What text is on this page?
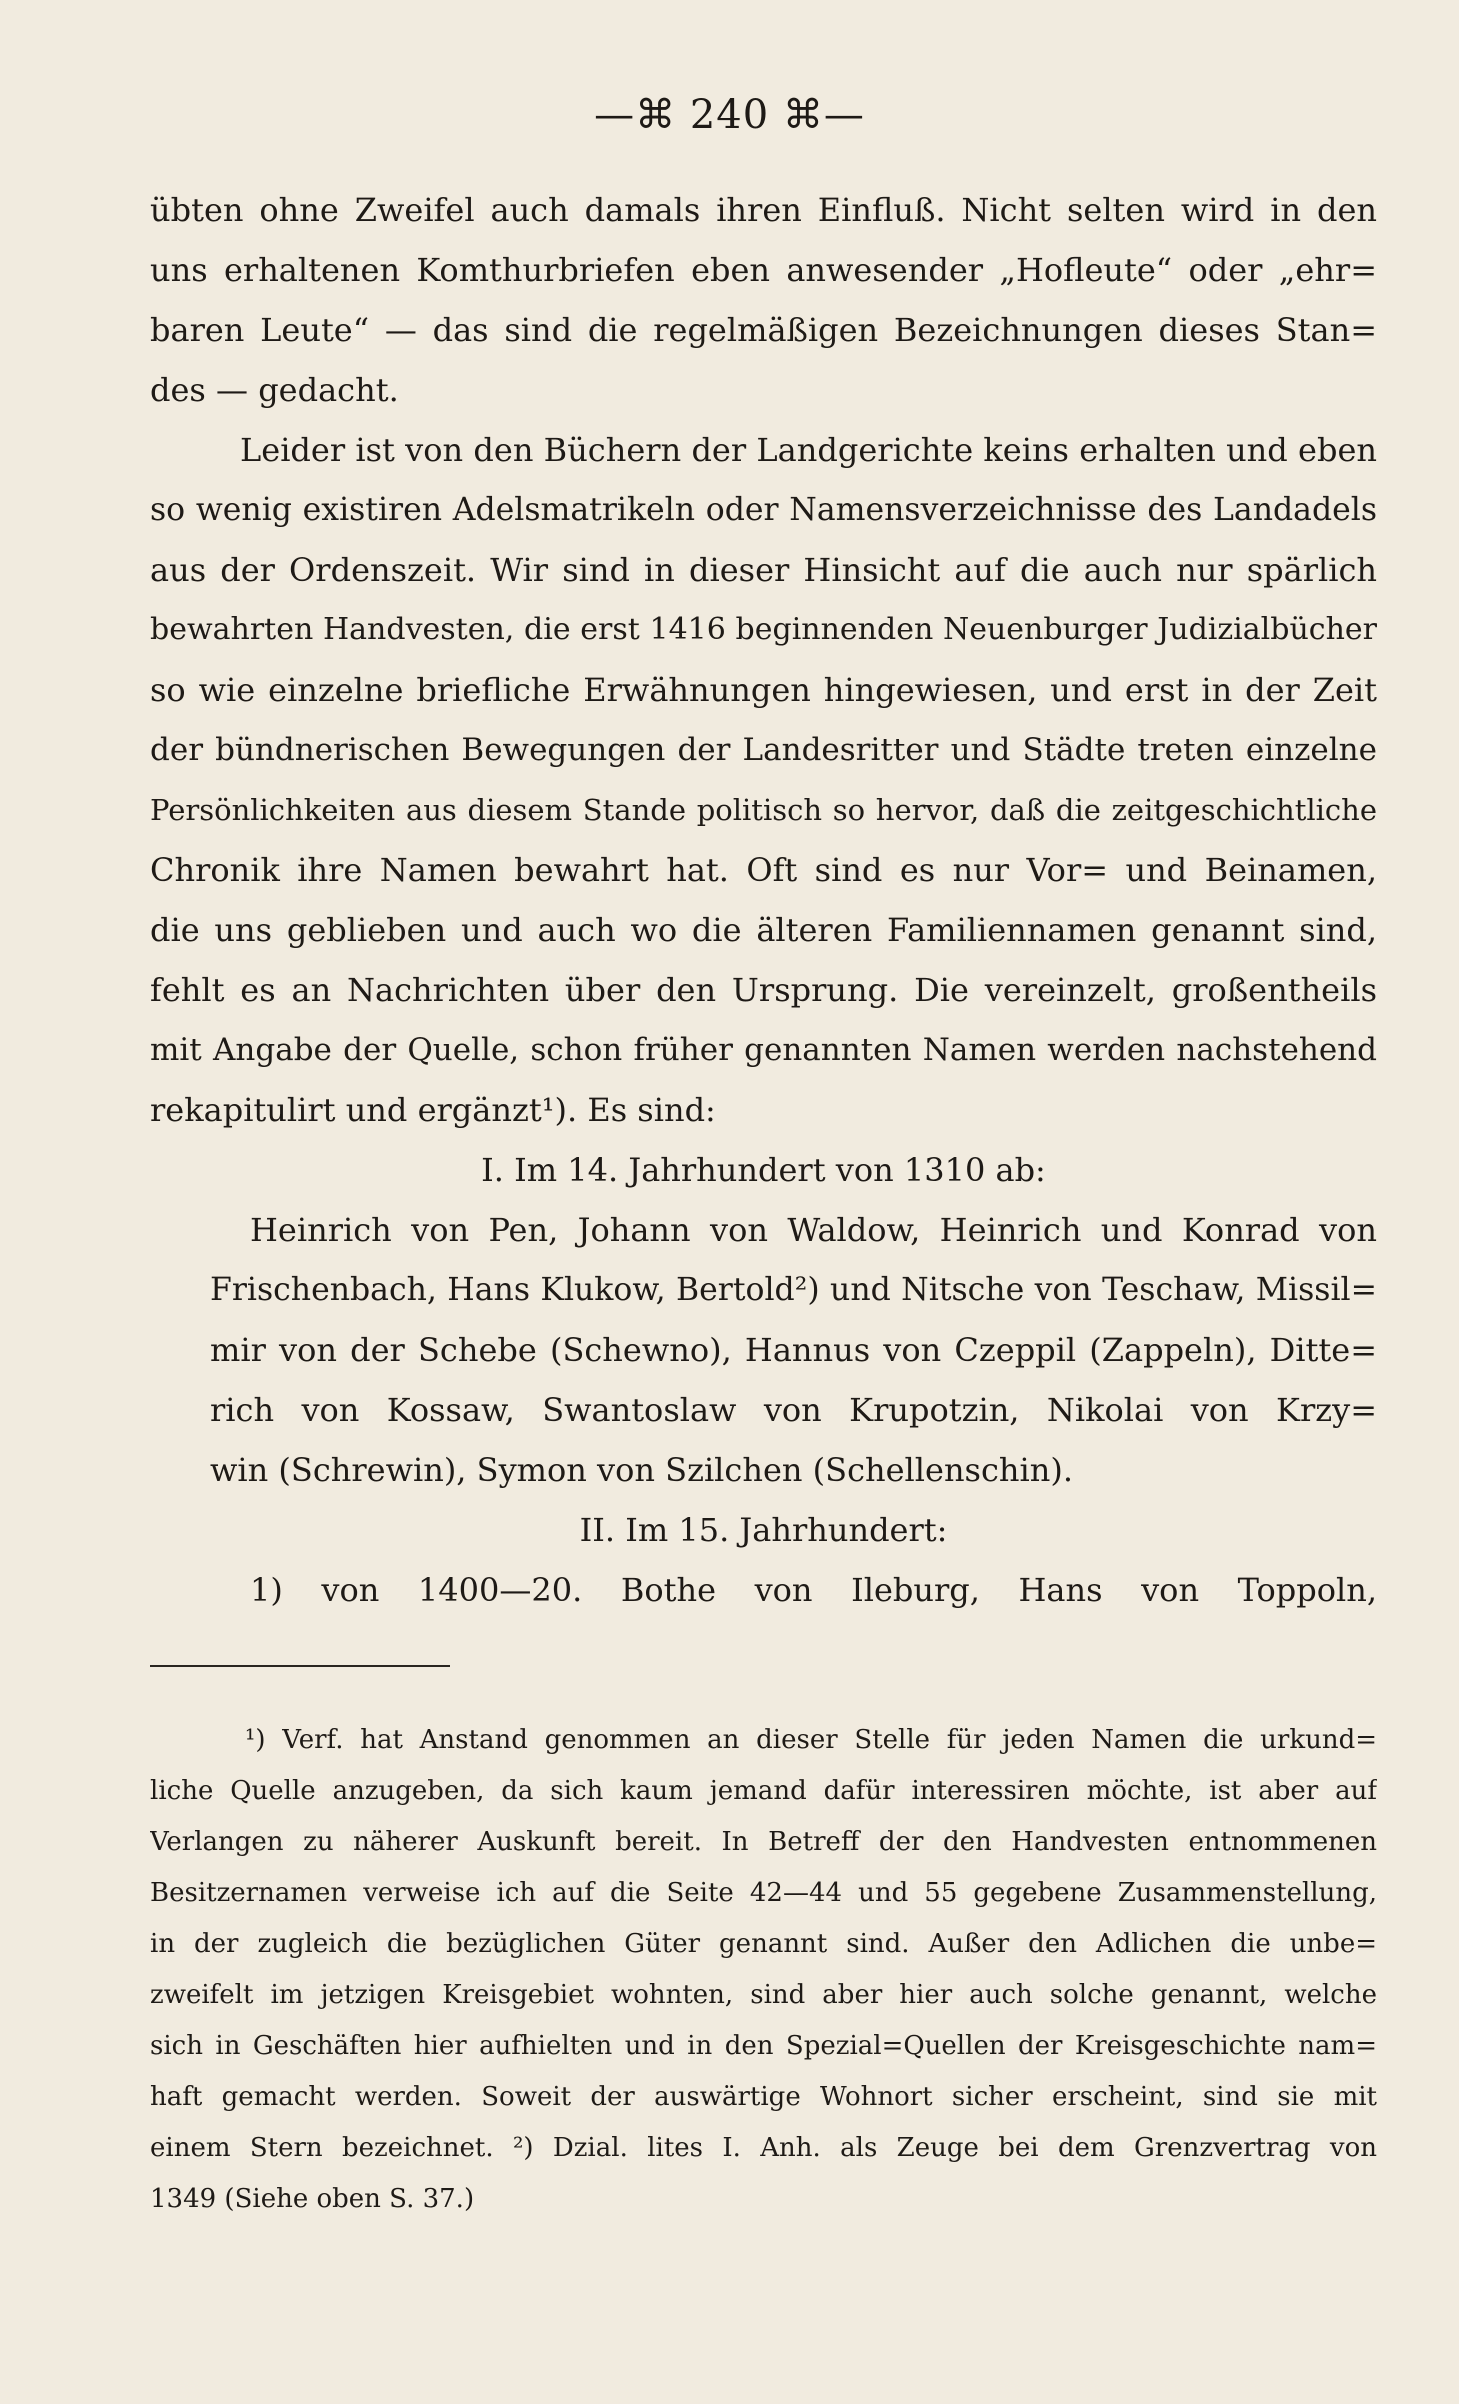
—⌘ 240 ⌘—
übten ohne Zweifel auch damals ihren Einfluß. Nicht selten wird in den
uns erhaltenen Komthurbriefen eben anwesender „Hofleute“ oder „ehr=
baren Leute“ — das sind die regelmäßigen Bezeichnungen dieses Stan=
des — gedacht.
Leider ist von den Büchern der Landgerichte keins erhalten und eben
so wenig existiren Adelsmatrikeln oder Namensverzeichnisse des Landadels
aus der Ordenszeit. Wir sind in dieser Hinsicht auf die auch nur spärlich
bewahrten Handvesten, die erst 1416 beginnenden Neuenburger Judizialbücher
so wie einzelne briefliche Erwähnungen hingewiesen, und erst in der Zeit
der bündnerischen Bewegungen der Landesritter und Städte treten einzelne
Persönlichkeiten aus diesem Stande politisch so hervor, daß die zeitgeschichtliche
Chronik ihre Namen bewahrt hat. Oft sind es nur Vor= und Beinamen,
die uns geblieben und auch wo die älteren Familiennamen genannt sind,
fehlt es an Nachrichten über den Ursprung. Die vereinzelt, großentheils
mit Angabe der Quelle, schon früher genannten Namen werden nachstehend
rekapitulirt und ergänzt¹). Es sind:
I. Im 14. Jahrhundert von 1310 ab:
Heinrich von Pen, Johann von Waldow, Heinrich und Konrad von
Frischenbach, Hans Klukow, Bertold²) und Nitsche von Teschaw, Missil=
mir von der Schebe (Schewno), Hannus von Czeppil (Zappeln), Ditte=
rich von Kossaw, Swantoslaw von Krupotzin, Nikolai von Krzy=
win (Schrewin), Symon von Szilchen (Schellenschin).
II. Im 15. Jahrhundert:
1) von 1400—20. Bothe von Ileburg, Hans von Toppoln,
¹) Verf. hat Anstand genommen an dieser Stelle für jeden Namen die urkund=
liche Quelle anzugeben, da sich kaum jemand dafür interessiren möchte, ist aber auf
Verlangen zu näherer Auskunft bereit. In Betreff der den Handvesten entnommenen
Besitzernamen verweise ich auf die Seite 42—44 und 55 gegebene Zusammenstellung,
in der zugleich die bezüglichen Güter genannt sind. Außer den Adlichen die unbe=
zweifelt im jetzigen Kreisgebiet wohnten, sind aber hier auch solche genannt, welche
sich in Geschäften hier aufhielten und in den Spezial=Quellen der Kreisgeschichte nam=
haft gemacht werden. Soweit der auswärtige Wohnort sicher erscheint, sind sie mit
einem Stern bezeichnet. ²) Dzial. lites I. Anh. als Zeuge bei dem Grenzvertrag von
1349 (Siehe oben S. 37.)
